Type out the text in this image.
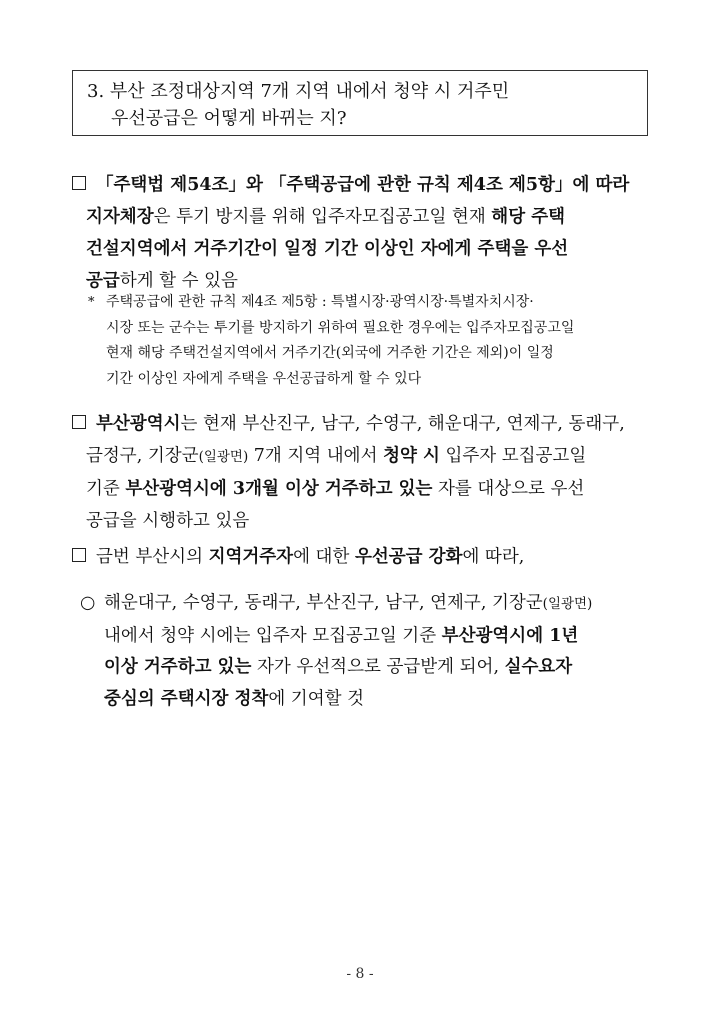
3. 부산 조정대상지역 7개 지역 내에서 청약 시 거주민
우선공급은 어떻게 바뀌는 지?
「주택법 제54조」와 「주택공급에 관한 규칙 제4조 제5항」에 따라
지자체장은 투기 방지를 위해 입주자모집공고일 현재 해당 주택
건설지역에서 거주기간이 일정 기간 이상인 자에게 주택을 우선
공급하게 할 수 있음
* 주택공급에 관한 규칙 제4조 제5항 : 특별시장·광역시장·특별자치시장·
시장 또는 군수는 투기를 방지하기 위하여 필요한 경우에는 입주자모집공고일
현재 해당 주택건설지역에서 거주기간(외국에 거주한 기간은 제외)이 일정
기간 이상인 자에게 주택을 우선공급하게 할 수 있다
부산광역시는 현재 부산진구, 남구, 수영구, 해운대구, 연제구, 동래구,
금정구, 기장군(일광면) 7개 지역 내에서 청약 시 입주자 모집공고일
기준 부산광역시에 3개월 이상 거주하고 있는 자를 대상으로 우선
공급을 시행하고 있음
금번 부산시의 지역거주자에 대한 우선공급 강화에 따라,
○ 해운대구, 수영구, 동래구, 부산진구, 남구, 연제구, 기장군(일광면)
내에서 청약 시에는 입주자 모집공고일 기준 부산광역시에 1년
이상 거주하고 있는 자가 우선적으로 공급받게 되어, 실수요자
중심의 주택시장 정착에 기여할 것
- 8 -
